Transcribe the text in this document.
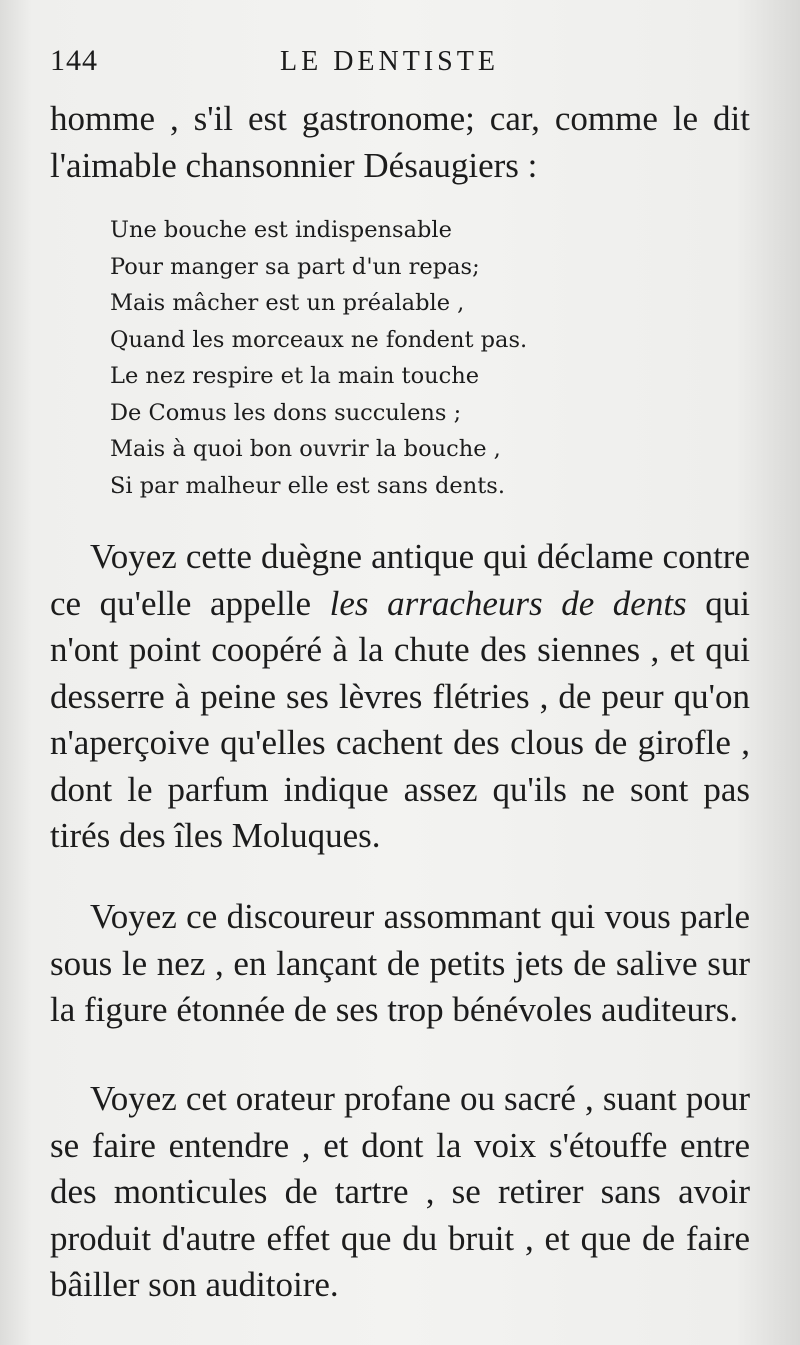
144	LE DENTISTE

homme , s'il est gastronome; car, comme le dit l'aimable chansonnier Désaugiers :

Une bouche est indispensable
Pour manger sa part d'un repas;
Mais mâcher est un préalable ,
Quand les morceaux ne fondent pas.
Le nez respire et la main touche
De Comus les dons succulens ;
Mais à quoi bon ouvrir la bouche ,
Si par malheur elle est sans dents.

Voyez cette duègne antique qui déclame contre ce qu'elle appelle les arracheurs de dents qui n'ont point coopéré à la chute des siennes , et qui desserre à peine ses lèvres flétries , de peur qu'on n'aperçoive qu'elles cachent des clous de girofle , dont le parfum indique assez qu'ils ne sont pas tirés des îles Moluques.

Voyez ce discoureur assommant qui vous parle sous le nez , en lançant de petits jets de salive sur la figure étonnée de ses trop bénévoles auditeurs.

Voyez cet orateur profane ou sacré , suant pour se faire entendre , et dont la voix s'étouffe entre des monticules de tartre , se retirer sans avoir produit d'autre effet que du bruit , et que de faire bâiller son auditoire.
